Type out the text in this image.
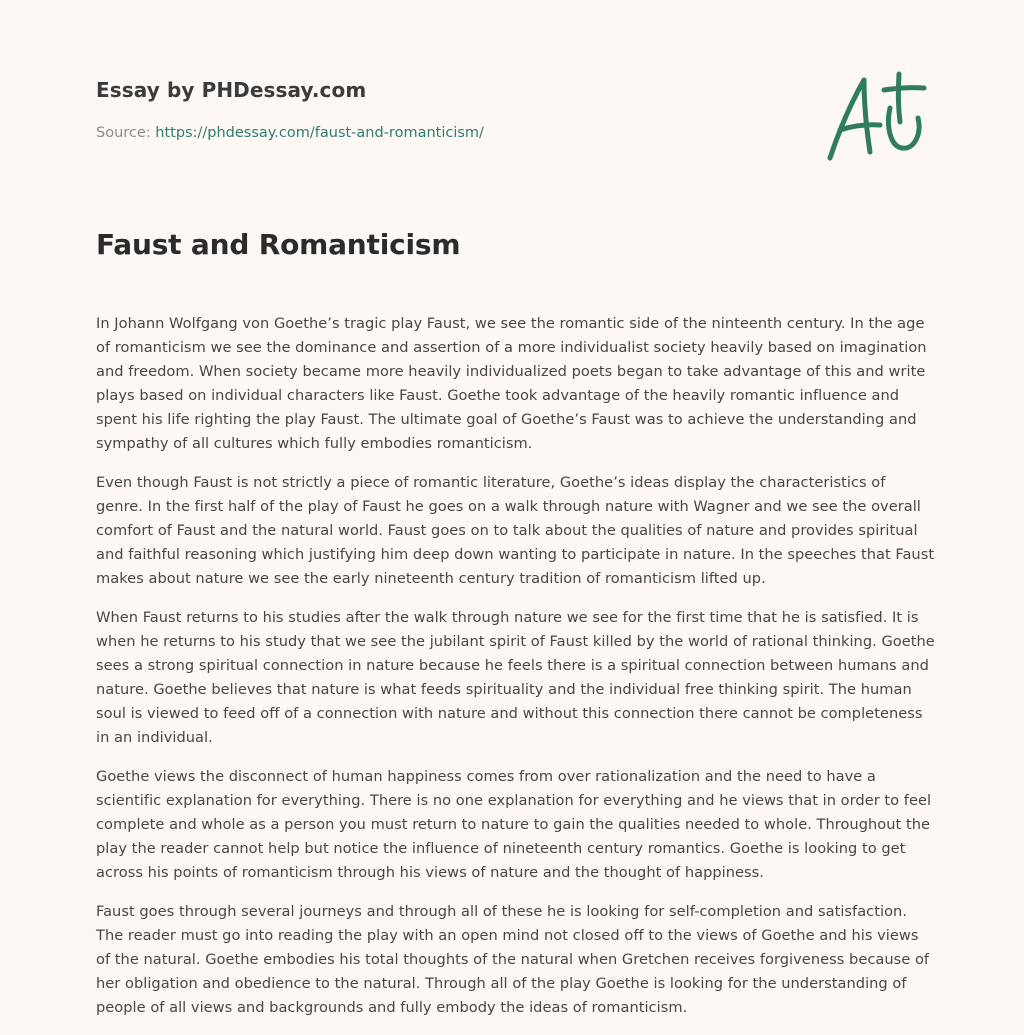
Essay by PHDessay.com

Source: https://phdessay.com/faust-and-romanticism/
Faust and Romanticism

In Johann Wolfgang von Goethe’s tragic play Faust, we see the romantic side of the ninteenth century. In the age of romanticism we see the dominance and assertion of a more individualist society heavily based on imagination and freedom. When society became more heavily individualized poets began to take advantage of this and write plays based on individual characters like Faust. Goethe took advantage of the heavily romantic influence and spent his life righting the play Faust. The ultimate goal of Goethe’s Faust was to achieve the understanding and sympathy of all cultures which fully embodies romanticism.

Even though Faust is not strictly a piece of romantic literature, Goethe’s ideas display the characteristics of genre. In the first half of the play of Faust he goes on a walk through nature with Wagner and we see the overall comfort of Faust and the natural world. Faust goes on to talk about the qualities of nature and provides spiritual and faithful reasoning which justifying him deep down wanting to participate in nature. In the speeches that Faust makes about nature we see the early nineteenth century tradition of romanticism lifted up.

When Faust returns to his studies after the walk through nature we see for the first time that he is satisfied. It is when he returns to his study that we see the jubilant spirit of Faust killed by the world of rational thinking. Goethe sees a strong spiritual connection in nature because he feels there is a spiritual connection between humans and nature. Goethe believes that nature is what feeds spirituality and the individual free thinking spirit. The human soul is viewed to feed off of a connection with nature and without this connection there cannot be completeness in an individual.

Goethe views the disconnect of human happiness comes from over rationalization and the need to have a scientific explanation for everything. There is no one explanation for everything and he views that in order to feel complete and whole as a person you must return to nature to gain the qualities needed to whole. Throughout the play the reader cannot help but notice the influence of nineteenth century romantics. Goethe is looking to get across his points of romanticism through his views of nature and the thought of happiness.

Faust goes through several journeys and through all of these he is looking for self-completion and satisfaction. The reader must go into reading the play with an open mind not closed off to the views of Goethe and his views of the natural. Goethe embodies his total thoughts of the natural when Gretchen receives forgiveness because of her obligation and obedience to the natural. Through all of the play Goethe is looking for the understanding of people of all views and backgrounds and fully embody the ideas of romanticism.
